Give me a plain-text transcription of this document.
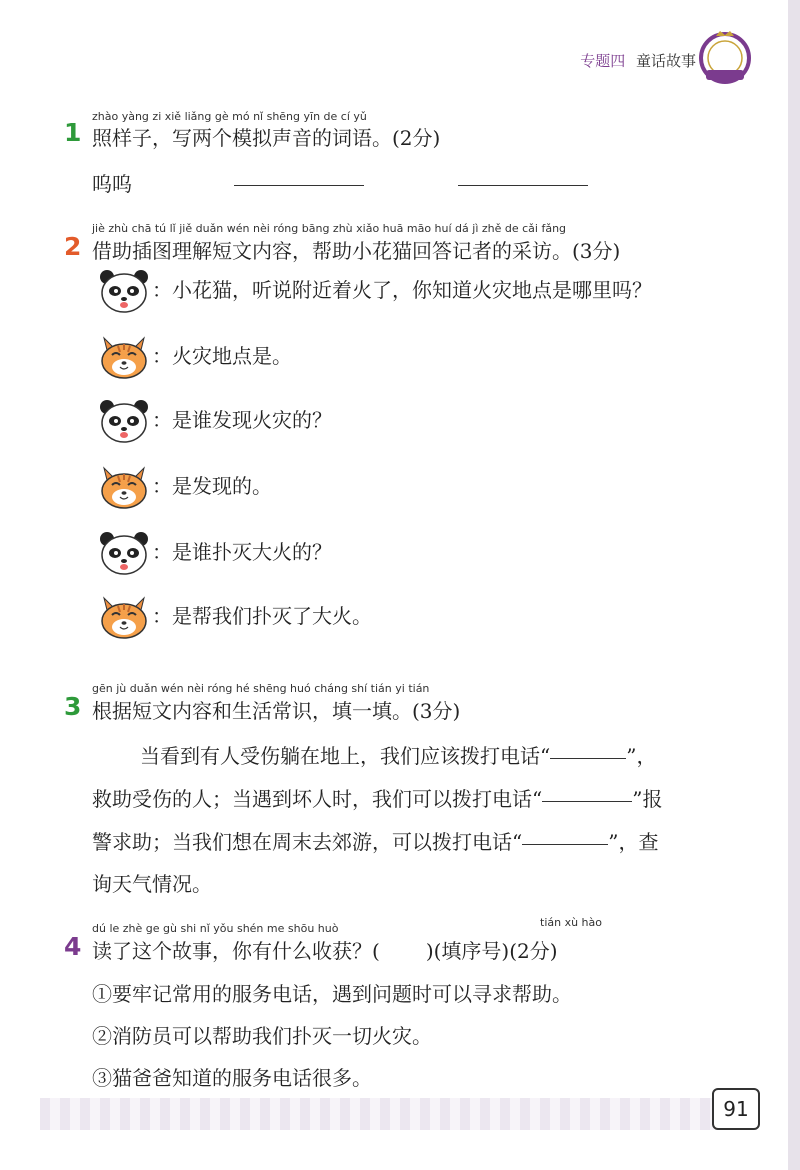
专题四 童话故事
1
zhào yàng zi xiě liǎng gè mó nǐ shēng yīn de cí yǔ
照样子，写两个模拟声音的词语。(2分)
呜呜
2
jiè zhù chā tú lǐ jiě duǎn wén nèi róng bāng zhù xiǎo huā māo huí dá jì zhě de cǎi fǎng
借助插图理解短文内容，帮助小花猫回答记者的采访。(3分)
：小花猫，听说附近着火了，你知道火灾地点是哪里吗？
：火灾地点是。
：是谁发现火灾的？
：是发现的。
：是谁扑灭大火的？
：是帮我们扑灭了大火。
3
gēn jù duǎn wén nèi róng hé shēng huó cháng shí tián yi tián
根据短文内容和生活常识，填一填。(3分)
当看到有人受伤躺在地上，我们应该拨打电话“	”，
救助受伤的人；当遇到坏人时，我们可以拨打电话“	”报
警求助；当我们想在周末去郊游，可以拨打电话“	”，查
询天气情况。
4
dú le zhè ge gù shi nǐ yǒu shén me shōu huò	tián xù hào
读了这个故事，你有什么收获？( )(填序号)(2分)
①要牢记常用的服务电话，遇到问题时可以寻求帮助。
②消防员可以帮助我们扑灭一切火灾。
③猫爸爸知道的服务电话很多。
91
